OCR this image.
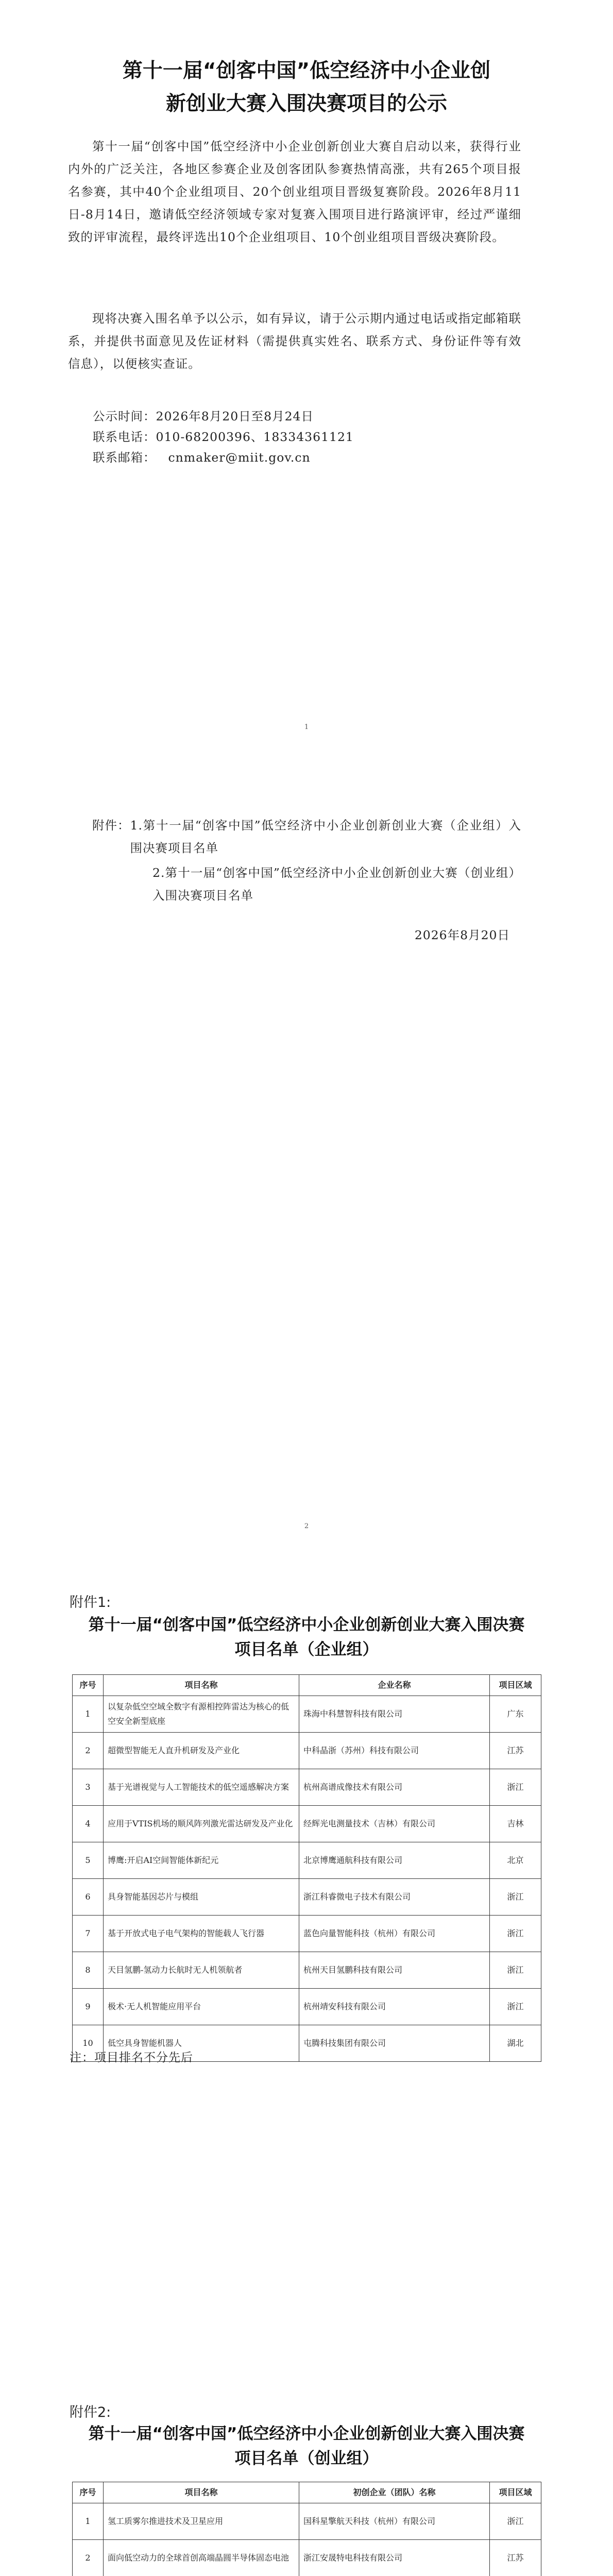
第十一届“创客中国”低空经济中小企业创
新创业大赛入围决赛项目的公示
第十一届“创客中国”低空经济中小企业创新创业大赛自启动以来，获得行业内外的广泛关注，各地区参赛企业及创客团队参赛热情高涨，共有265个项目报名参赛，其中40个企业组项目、20个创业组项目晋级复赛阶段。2026年8月11日-8月14日，邀请低空经济领域专家对复赛入围项目进行路演评审，经过严谨细致的评审流程，最终评选出10个企业组项目、10个创业组项目晋级决赛阶段。
现将决赛入围名单予以公示，如有异议，请于公示期内通过电话或指定邮箱联系，并提供书面意见及佐证材料（需提供真实姓名、联系方式、身份证件等有效信息），以便核实查证。
公示时间：2026年8月20日至8月24日
联系电话：010-68200396、18334361121
联系邮箱： cnmaker@miit.gov.cn
1
附件： 1.第十一届“创客中国”低空经济中小企业创新创业大赛（企业组）入围决赛项目名单
2.第十一届“创客中国”低空经济中小企业创新创业大赛（创业组）入围决赛项目名单
2026年8月20日
2
附件1:
第十一届“创客中国”低空经济中小企业创新创业大赛入围决赛项目名单（企业组）
序号	项目名称	企业名称	项目区域
1	以复杂低空空域全数字有源相控阵雷达为核心的低空安全新型底座	珠海中科慧智科技有限公司	广东
2	超微型智能无人直升机研发及产业化	中科晶浙（苏州）科技有限公司	江苏
3	基于光谱视觉与人工智能技术的低空遥感解决方案	杭州高谱成像技术有限公司	浙江
4	应用于VTIS机场的顺风阵列激光雷达研发及产业化	经辉光电测量技术（吉林）有限公司	吉林
5	博鹰:开启AI空间智能体新纪元	北京博鹰通航科技有限公司	北京
6	具身智能基因芯片与模组	浙江科睿微电子技术有限公司	浙江
7	基于开放式电子电气架构的智能载人飞行器	蓝色向量智能科技（杭州）有限公司	浙江
8	天目氢鹏-氢动力长航时无人机领航者	杭州天目氢鹏科技有限公司	浙江
9	极术·无人机智能应用平台	杭州靖安科技有限公司	浙江
10	低空具身智能机器人	屯腾科技集团有限公司	湖北
注：项目排名不分先后
附件2:
第十一届“创客中国”低空经济中小企业创新创业大赛入围决赛项目名单（创业组）
序号	项目名称	初创企业（团队）名称	项目区域
1	氢工质雾尔推进技术及卫星应用	国科星擎航天科技（杭州）有限公司	浙江
2	面向低空动力的全球首创高端晶圆半导体固态电池	浙江安晟特电科技有限公司	江苏
